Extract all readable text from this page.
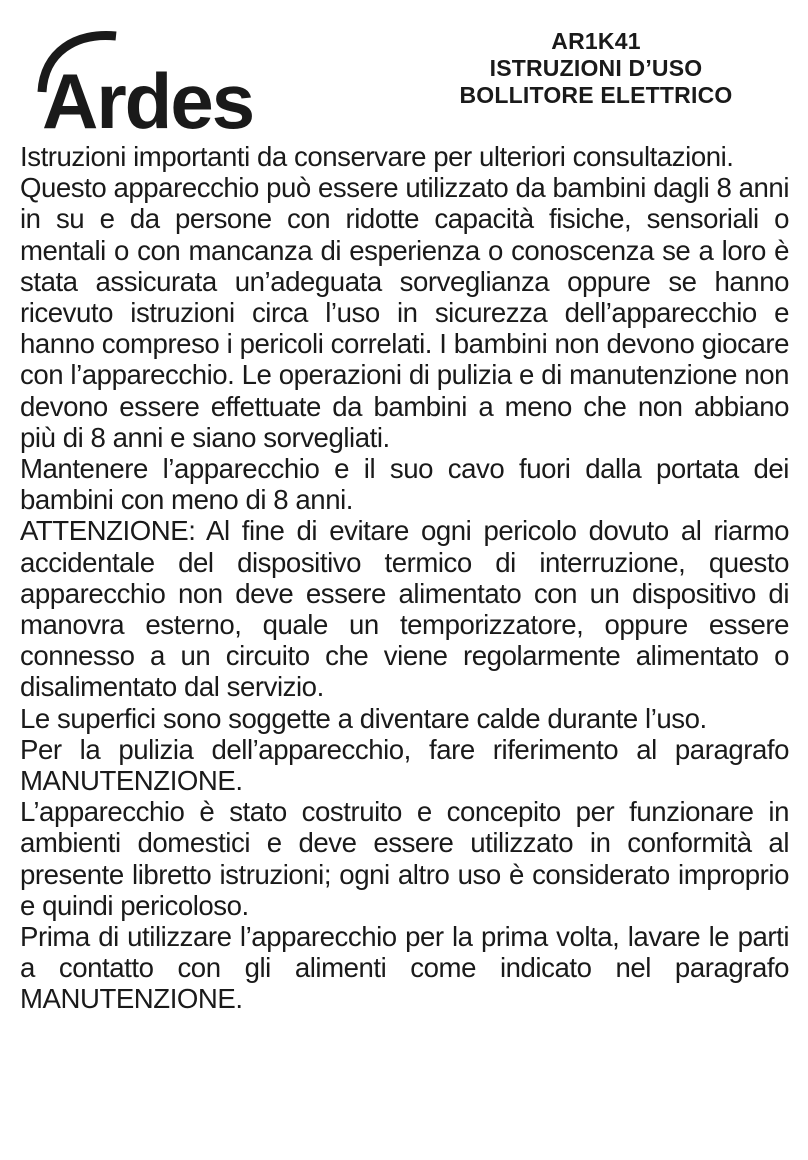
Ardes
AR1K41
ISTRUZIONI D’USO
BOLLITORE ELETTRICO

Istruzioni importanti da conservare per ulteriori consultazioni.

Questo apparecchio può essere utilizzato da bambini dagli 8 anni in su e da persone con ridotte capacità fisiche, sensoriali o mentali o con mancanza di esperienza o conoscenza se a loro è stata assicurata un’adeguata sorveglianza oppure se hanno ricevuto istruzioni circa l’uso in sicurezza dell’apparecchio e hanno compreso i pericoli correlati. I bambini non devono giocare con l’apparecchio. Le operazioni di pulizia e di manutenzione non devono essere effettuate da bambini a meno che non abbiano più di 8 anni e siano sorvegliati.

Mantenere l’apparecchio e il suo cavo fuori dalla portata dei bambini con meno di 8 anni.

ATTENZIONE: Al fine di evitare ogni pericolo dovuto al riarmo accidentale del dispositivo termico di interruzione, questo apparecchio non deve essere alimentato con un dispositivo di manovra esterno, quale un temporizzatore, oppure essere connesso a un circuito che viene regolarmente alimentato o disalimentato dal servizio.

Le superfici sono soggette a diventare calde durante l’uso.

Per la pulizia dell’apparecchio, fare riferimento al paragrafo MANUTENZIONE.

L’apparecchio è stato costruito e concepito per funzionare in ambienti domestici e deve essere utilizzato in conformità al presente libretto istruzioni; ogni altro uso è considerato improprio e quindi pericoloso.

Prima di utilizzare l’apparecchio per la prima volta, lavare le parti a contatto con gli alimenti come indicato nel paragrafo MANUTENZIONE.
